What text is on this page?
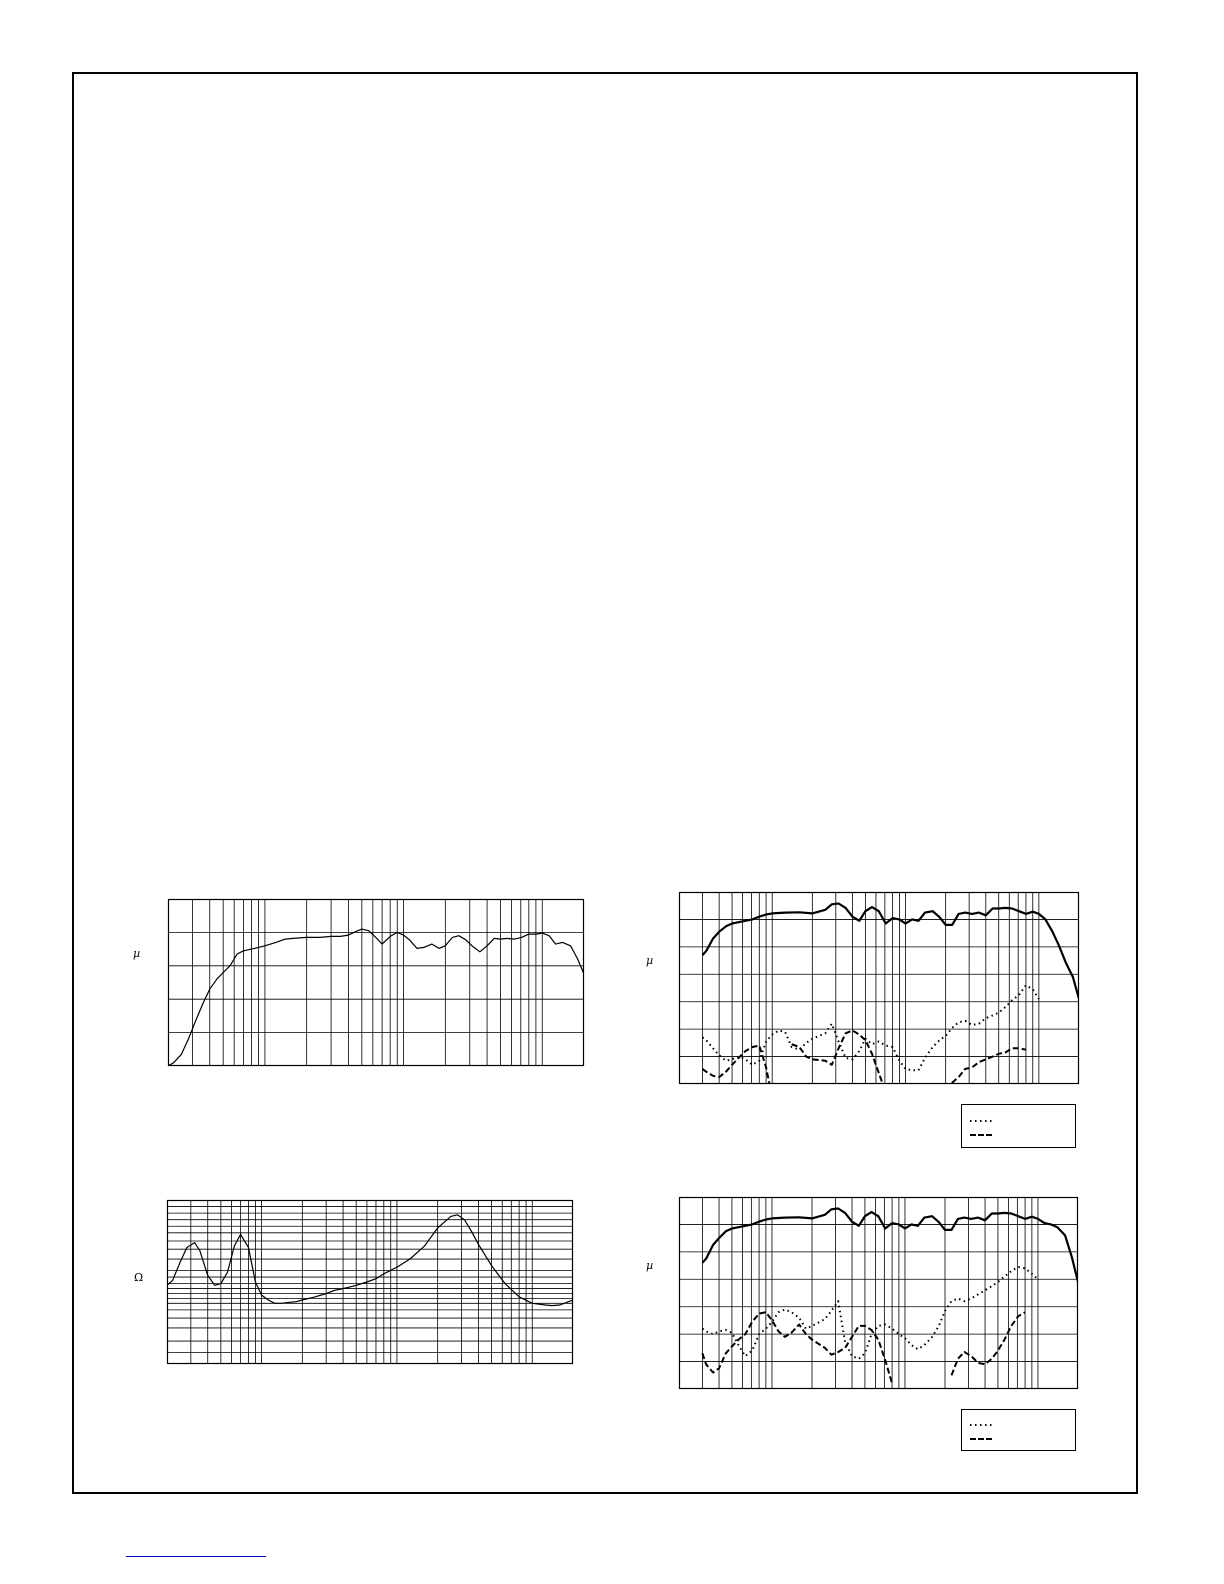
µ
Ω
µ
µ
